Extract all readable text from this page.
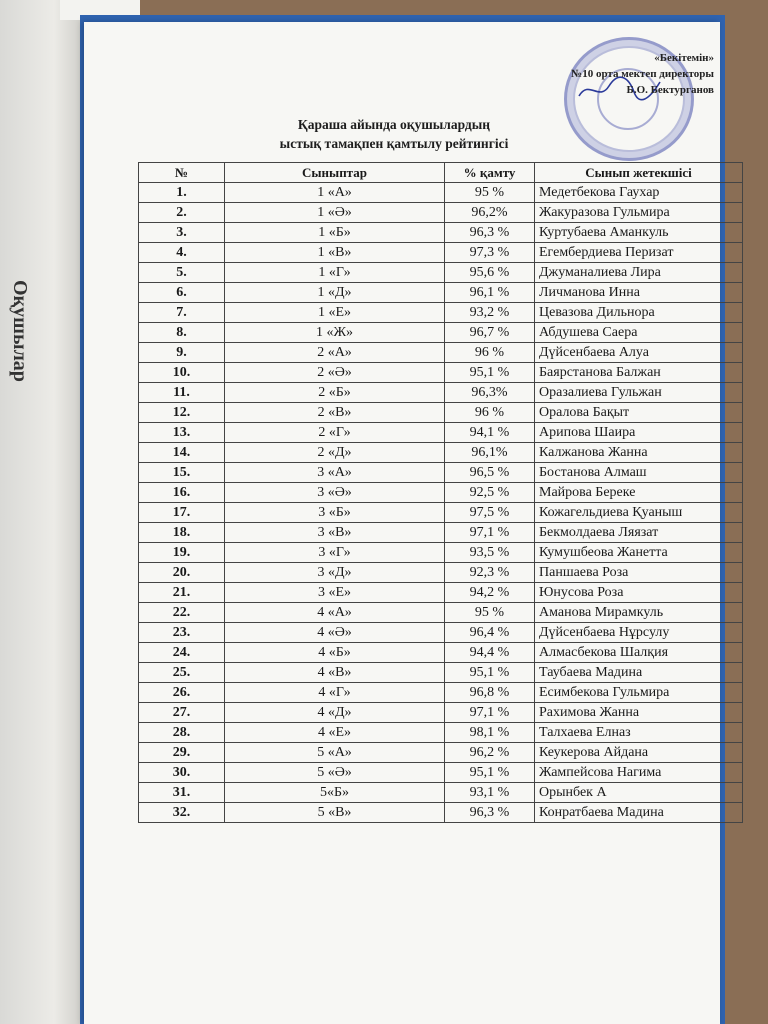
Оқушылар
«Бекітемін»
№10 орта мектеп директоры
Б.О. Бектурганов
Қараша айында оқушылардың
ыстық тамақпен қамтылу рейтингісі
№	Сыныптар	% қамту	Сынып жетекшісі
1.	1 «А»	95 %	Медетбекова Гаухар
2.	1 «Ә»	96,2%	Жакуразова Гульмира
3.	1 «Б»	96,3 %	Куртубаева Аманкуль
4.	1 «В»	97,3 %	Егембердиева Перизат
5.	1 «Г»	95,6 %	Джуманалиева Лира
6.	1 «Д»	96,1 %	Личманова Инна
7.	1 «Е»	93,2 %	Цевазова Дильнора
8.	1 «Ж»	96,7 %	Абдушева Саера
9.	2 «А»	96 %	Дүйсенбаева Алуа
10.	2 «Ә»	95,1 %	Баярстанова Балжан
11.	2 «Б»	96,3%	Оразалиева Гульжан
12.	2 «В»	96 %	Оралова Бақыт
13.	2 «Г»	94,1 %	Арипова Шаира
14.	2 «Д»	96,1%	Калжанова Жанна
15.	3 «А»	96,5 %	Бостанова Алмаш
16.	3 «Ә»	92,5 %	Майрова Береке
17.	3 «Б»	97,5 %	Кожагельдиева Қуаныш
18.	3 «В»	97,1 %	Бекмолдаева Ляязат
19.	3 «Г»	93,5 %	Кумушбеова Жанетта
20.	3 «Д»	92,3 %	Паншаева Роза
21.	3 «Е»	94,2 %	Юнусова Роза
22.	4 «А»	95 %	Аманова Мирамкуль
23.	4 «Ә»	96,4 %	Дүйсенбаева Нұрсулу
24.	4 «Б»	94,4 %	Алмасбекова Шалқия
25.	4 «В»	95,1 %	Таубаева Мадина
26.	4 «Г»	96,8 %	Есимбекова Гульмира
27.	4 «Д»	97,1 %	Рахимова Жанна
28.	4 «Е»	98,1 %	Талхаева Елназ
29.	5 «А»	96,2 %	Кеукерова Айдана
30.	5 «Ә»	95,1 %	Жампейсова Нагима
31.	5«Б»	93,1 %	Орынбек А
32.	5 «В»	96,3 %	Конратбаева Мадина
